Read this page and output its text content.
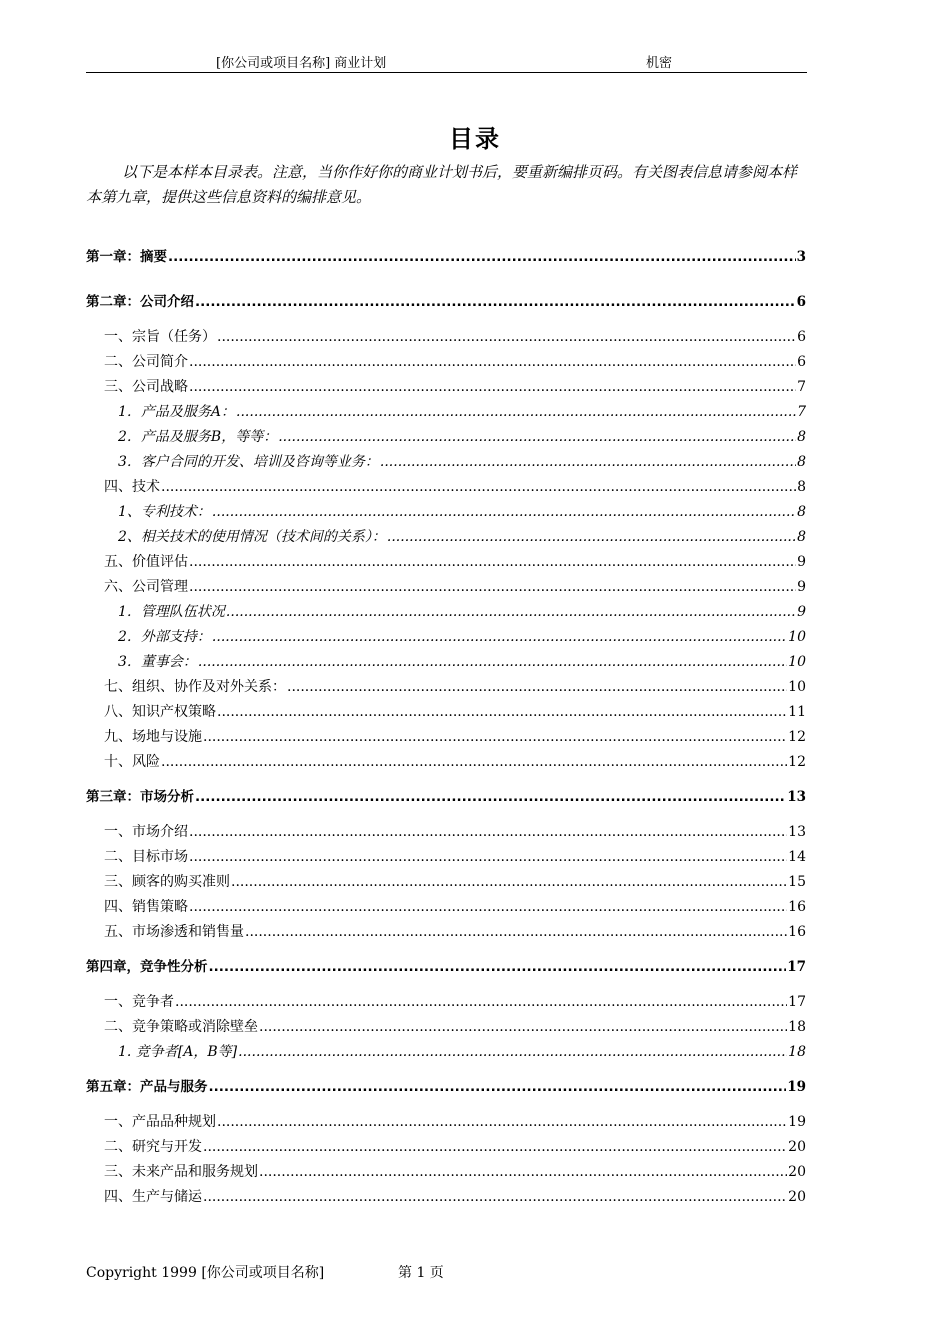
[你公司或项目名称] 商业计划	机密
目录
以下是本样本目录表。注意，当你作好你的商业计划书后，要重新编排页码。有关图表信息请参阅本样本第九章，提供这些信息资料的编排意见。
第一章：摘要 .....	3
第二章：公司介绍 .....	6
一、宗旨（任务） .....	6
二、公司简介 .....	6
三、公司战略 .....	7
1．产品及服务A： .....	7
2．产品及服务B，等等： .....	8
3．客户合同的开发、培训及咨询等业务： .....	8
四、技术 .....	8
1、专利技术： .....	8
2、相关技术的使用情况（技术间的关系）： .....	8
五、价值评估 .....	9
六、公司管理 .....	9
1．管理队伍状况 .....	9
2．外部支持： .....	10
3．董事会： .....	10
七、组织、协作及对外关系： .....	10
八、知识产权策略 .....	11
九、场地与设施 .....	12
十、风险 .....	12
第三章：市场分析 .....	13
一、市场介绍 .....	13
二、目标市场 .....	14
三、顾客的购买准则 .....	15
四、销售策略 .....	16
五、市场渗透和销售量 .....	16
第四章，竞争性分析 .....	17
一、竞争者 .....	17
二、竞争策略或消除壁垒 .....	18
1. 竞争者[A，B等] .....	18
第五章：产品与服务 .....	19
一、产品品种规划 .....	19
二、研究与开发 .....	20
三、未来产品和服务规划 .....	20
四、生产与储运 .....	20
Copyright 1999 [你公司或项目名称]	第 1 页
